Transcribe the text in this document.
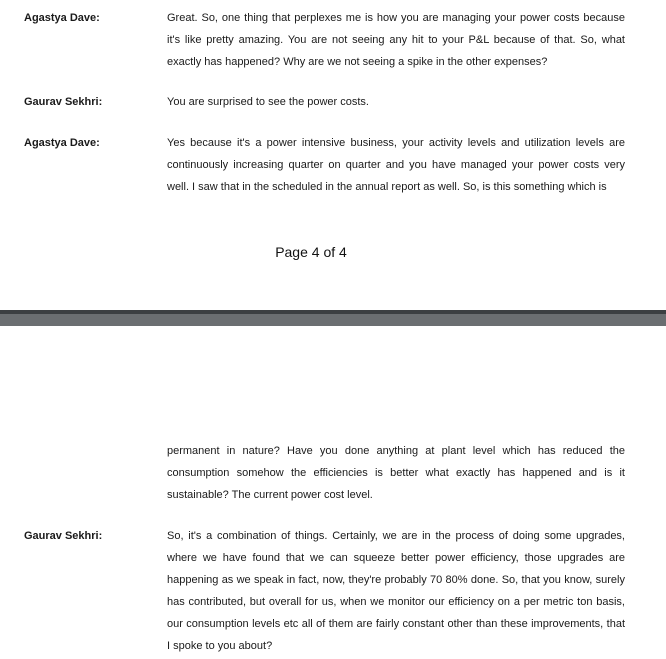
Agastya Dave:	Great. So, one thing that perplexes me is how you are managing your power costs because it's like pretty amazing. You are not seeing any hit to your P&L because of that. So, what exactly has happened? Why are we not seeing a spike in the other expenses?

Gaurav Sekhri:	You are surprised to see the power costs.

Agastya Dave:	Yes because it's a power intensive business, your activity levels and utilization levels are continuously increasing quarter on quarter and you have managed your power costs very well. I saw that in the scheduled in the annual report as well. So, is this something which is

Page 4 of 4

permanent in nature? Have you done anything at plant level which has reduced the consumption somehow the efficiencies is better what exactly has happened and is it sustainable? The current power cost level.

Gaurav Sekhri:	So, it's a combination of things. Certainly, we are in the process of doing some upgrades, where we have found that we can squeeze better power efficiency, those upgrades are happening as we speak in fact, now, they're probably 70 80% done. So, that you know, surely has contributed, but overall for us, when we monitor our efficiency on a per metric ton basis, our consumption levels etc all of them are fairly constant other than these improvements, that I spoke to you about?
